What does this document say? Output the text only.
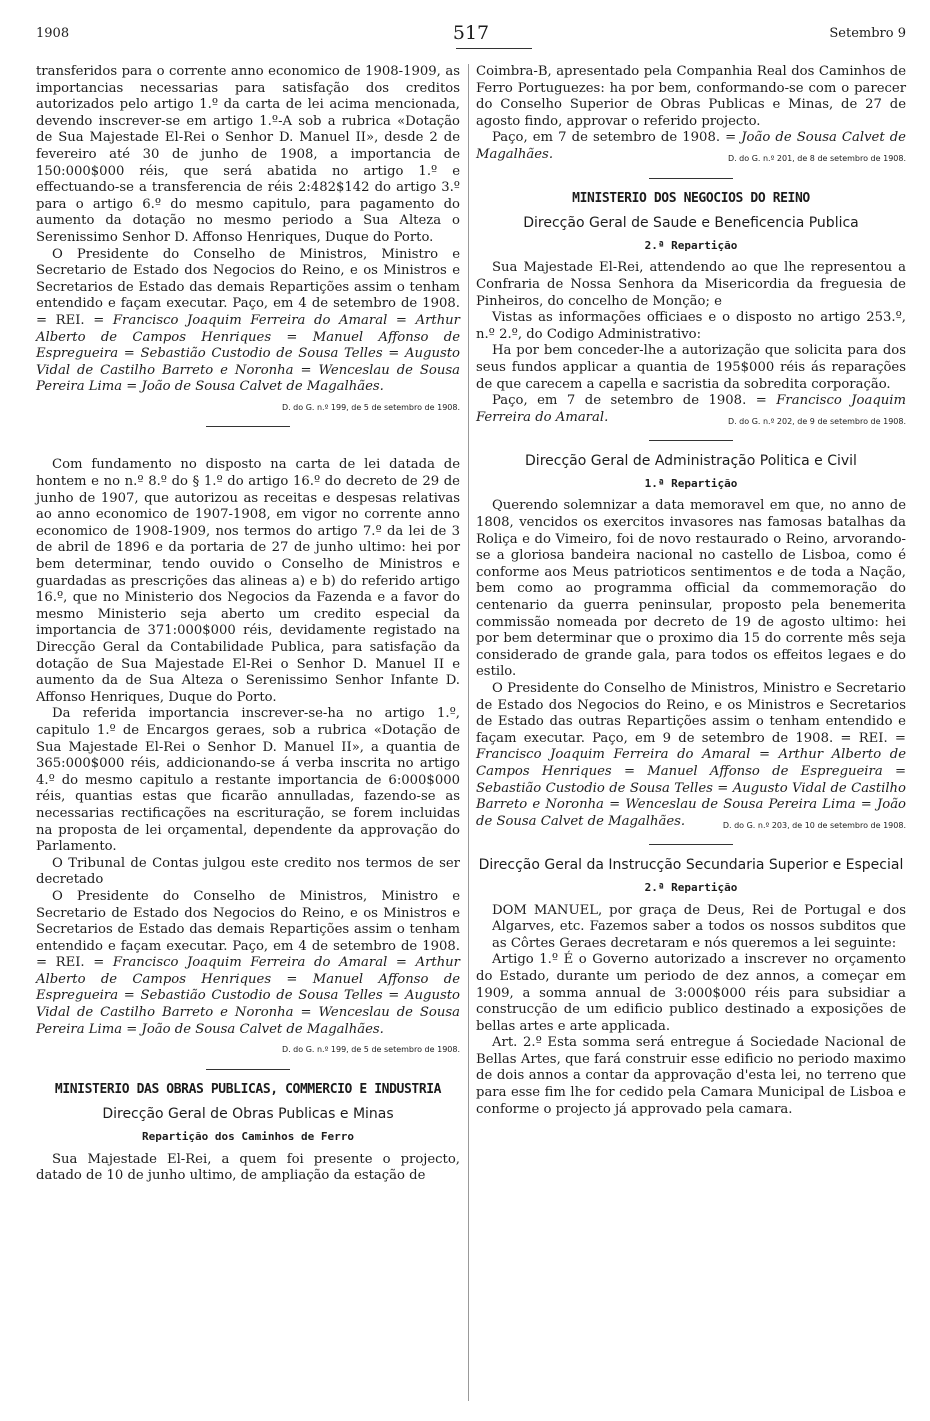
1908	517	Setembro 9

transferidos para o corrente anno economico de 1908-1909, as importancias necessarias para satisfação dos creditos autorizados pelo artigo 1.º da carta de lei acima mencionada, devendo inscrever-se em artigo 1.º-A sob a rubrica «Dotação de Sua Majestade El-Rei o Senhor D. Manuel II», desde 2 de fevereiro até 30 de junho de 1908, a importancia de 150:000$000 réis, que será abatida no artigo 1.º e effectuando-se a transferencia de réis 2:482$142 do artigo 3.º para o artigo 6.º do mesmo capitulo, para pagamento do aumento da dotação no mesmo periodo a Sua Alteza o Serenissimo Senhor D. Affonso Henriques, Duque do Porto.

O Presidente do Conselho de Ministros, Ministro e Secretario de Estado dos Negocios do Reino, e os Ministros e Secretarios de Estado das demais Repartições assim o tenham entendido e façam executar. Paço, em 4 de setembro de 1908. = REI. = Francisco Joaquim Ferreira do Amaral = Arthur Alberto de Campos Henriques = Manuel Affonso de Espregueira = Sebastião Custodio de Sousa Telles = Augusto Vidal de Castilho Barreto e Noronha = Wenceslau de Sousa Pereira Lima = João de Sousa Calvet de Magalhães.
D. do G. n.º 199, de 5 de setembro de 1908.

Com fundamento no disposto na carta de lei datada de hontem e no n.º 8.º do § 1.º do artigo 16.º do decreto de 29 de junho de 1907, que autorizou as receitas e despesas relativas ao anno economico de 1907-1908, em vigor no corrente anno economico de 1908-1909, nos termos do artigo 7.º da lei de 3 de abril de 1896 e da portaria de 27 de junho ultimo: hei por bem determinar, tendo ouvido o Conselho de Ministros e guardadas as prescrições das alineas a) e b) do referido artigo 16.º, que no Ministerio dos Negocios da Fazenda e a favor do mesmo Ministerio seja aberto um credito especial da importancia de 371:000$000 réis, devidamente registado na Direcção Geral da Contabilidade Publica, para satisfação da dotação de Sua Majestade El-Rei o Senhor D. Manuel II e aumento da de Sua Alteza o Serenissimo Senhor Infante D. Affonso Henriques, Duque do Porto.

Da referida importancia inscrever-se-ha no artigo 1.º, capitulo 1.º de Encargos geraes, sob a rubrica «Dotação de Sua Majestade El-Rei o Senhor D. Manuel II», a quantia de 365:000$000 réis, addicionando-se á verba inscrita no artigo 4.º do mesmo capitulo a restante importancia de 6:000$000 réis, quantias estas que ficarão annulladas, fazendo-se as necessarias rectificações na escrituração, se forem incluidas na proposta de lei orçamental, dependente da approvação do Parlamento.

O Tribunal de Contas julgou este credito nos termos de ser decretado

O Presidente do Conselho de Ministros, Ministro e Secretario de Estado dos Negocios do Reino, e os Ministros e Secretarios de Estado das demais Repartições assim o tenham entendido e façam executar. Paço, em 4 de setembro de 1908. = REI. = Francisco Joaquim Ferreira do Amaral = Arthur Alberto de Campos Henriques = Manuel Affonso de Espregueira = Sebastião Custodio de Sousa Telles = Augusto Vidal de Castilho Barreto e Noronha = Wenceslau de Sousa Pereira Lima = João de Sousa Calvet de Magalhães.
D. do G. n.º 199, de 5 de setembro de 1908.

MINISTERIO DAS OBRAS PUBLICAS, COMMERCIO E INDUSTRIA
Direcção Geral de Obras Publicas e Minas
Repartição dos Caminhos de Ferro

Sua Majestade El-Rei, a quem foi presente o projecto, datado de 10 de junho ultimo, de ampliação da estação de

Coimbra-B, apresentado pela Companhia Real dos Caminhos de Ferro Portuguezes: ha por bem, conformando-se com o parecer do Conselho Superior de Obras Publicas e Minas, de 27 de agosto findo, approvar o referido projecto.

Paço, em 7 de setembro de 1908. = João de Sousa Calvet de Magalhães.	D. do G. n.º 201, de 8 de setembro de 1908.

MINISTERIO DOS NEGOCIOS DO REINO
Direcção Geral de Saude e Beneficencia Publica
2.ª Repartição

Sua Majestade El-Rei, attendendo ao que lhe representou a Confraria de Nossa Senhora da Misericordia da freguesia de Pinheiros, do concelho de Monção; e

Vistas as informações officiaes e o disposto no artigo 253.º, n.º 2.º, do Codigo Administrativo:

Ha por bem conceder-lhe a autorização que solicita para dos seus fundos applicar a quantia de 195$000 réis ás reparações de que carecem a capella e sacristia da sobredita corporação.

Paço, em 7 de setembro de 1908. = Francisco Joaquim Ferreira do Amaral.	D. do G. n.º 202, de 9 de setembro de 1908.

Direcção Geral de Administração Politica e Civil
1.ª Repartição

Querendo solemnizar a data memoravel em que, no anno de 1808, vencidos os exercitos invasores nas famosas batalhas da Roliça e do Vimeiro, foi de novo restaurado o Reino, arvorando-se a gloriosa bandeira nacional no castello de Lisboa, como é conforme aos Meus patrioticos sentimentos e de toda a Nação, bem como ao programma official da commemoração do centenario da guerra peninsular, proposto pela benemerita commissão nomeada por decreto de 19 de agosto ultimo: hei por bem determinar que o proximo dia 15 do corrente mês seja considerado de grande gala, para todos os effeitos legaes e do estilo.

O Presidente do Conselho de Ministros, Ministro e Secretario de Estado dos Negocios do Reino, e os Ministros e Secretarios de Estado das outras Repartições assim o tenham entendido e façam executar. Paço, em 9 de setembro de 1908. = REI. = Francisco Joaquim Ferreira do Amaral = Arthur Alberto de Campos Henriques = Manuel Affonso de Espregueira = Sebastião Custodio de Sousa Telles = Augusto Vidal de Castilho Barreto e Noronha = Wenceslau de Sousa Pereira Lima = João de Sousa Calvet de Magalhães.	D. do G. n.º 203, de 10 de setembro de 1908.

Direcção Geral da Instrucção Secundaria Superior e Especial
2.ª Repartição

DOM MANUEL, por graça de Deus, Rei de Portugal e dos Algarves, etc. Fazemos saber a todos os nossos subditos que as Côrtes Geraes decretaram e nós queremos a lei seguinte:

Artigo 1.º É o Governo autorizado a inscrever no orçamento do Estado, durante um periodo de dez annos, a começar em 1909, a somma annual de 3:000$000 réis para subsidiar a construcção de um edificio publico destinado a exposições de bellas artes e arte applicada.

Art. 2.º Esta somma será entregue á Sociedade Nacional de Bellas Artes, que fará construir esse edificio no periodo maximo de dois annos a contar da approvação d'esta lei, no terreno que para esse fim lhe for cedido pela Camara Municipal de Lisboa e conforme o projecto já approvado pela camara.
